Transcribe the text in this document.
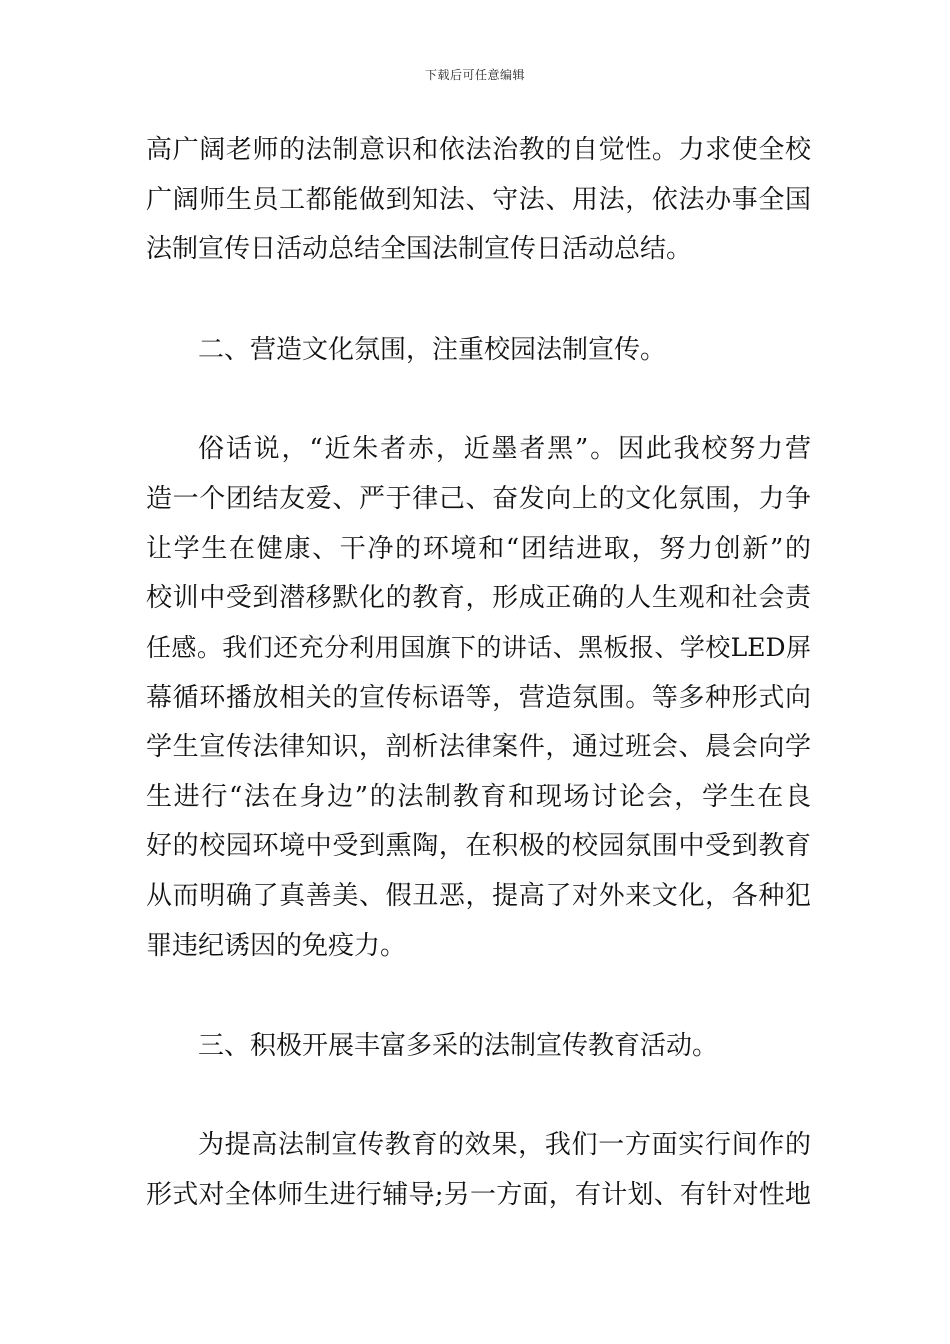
下载后可任意编辑
高广阔老师的法制意识和依法治教的自觉性。力求使全校
广阔师生员工都能做到知法、守法、用法，依法办事全国
法制宣传日活动总结全国法制宣传日活动总结。
二、营造文化氛围，注重校园法制宣传。
俗话说，“近朱者赤，近墨者黑”。因此我校努力营
造一个团结友爱、严于律己、奋发向上的文化氛围，力争
让学生在健康、干净的环境和“团结进取，努力创新”的
校训中受到潜移默化的教育，形成正确的人生观和社会责
任感。我们还充分利用国旗下的讲话、黑板报、学校LED屏
幕循环播放相关的宣传标语等，营造氛围。等多种形式向
学生宣传法律知识，剖析法律案件，通过班会、晨会向学
生进行“法在身边”的法制教育和现场讨论会，学生在良
好的校园环境中受到熏陶，在积极的校园氛围中受到教育
从而明确了真善美、假丑恶，提高了对外来文化，各种犯
罪违纪诱因的免疫力。
三、积极开展丰富多采的法制宣传教育活动。
为提高法制宣传教育的效果，我们一方面实行间作的
形式对全体师生进行辅导;另一方面，有计划、有针对性地
